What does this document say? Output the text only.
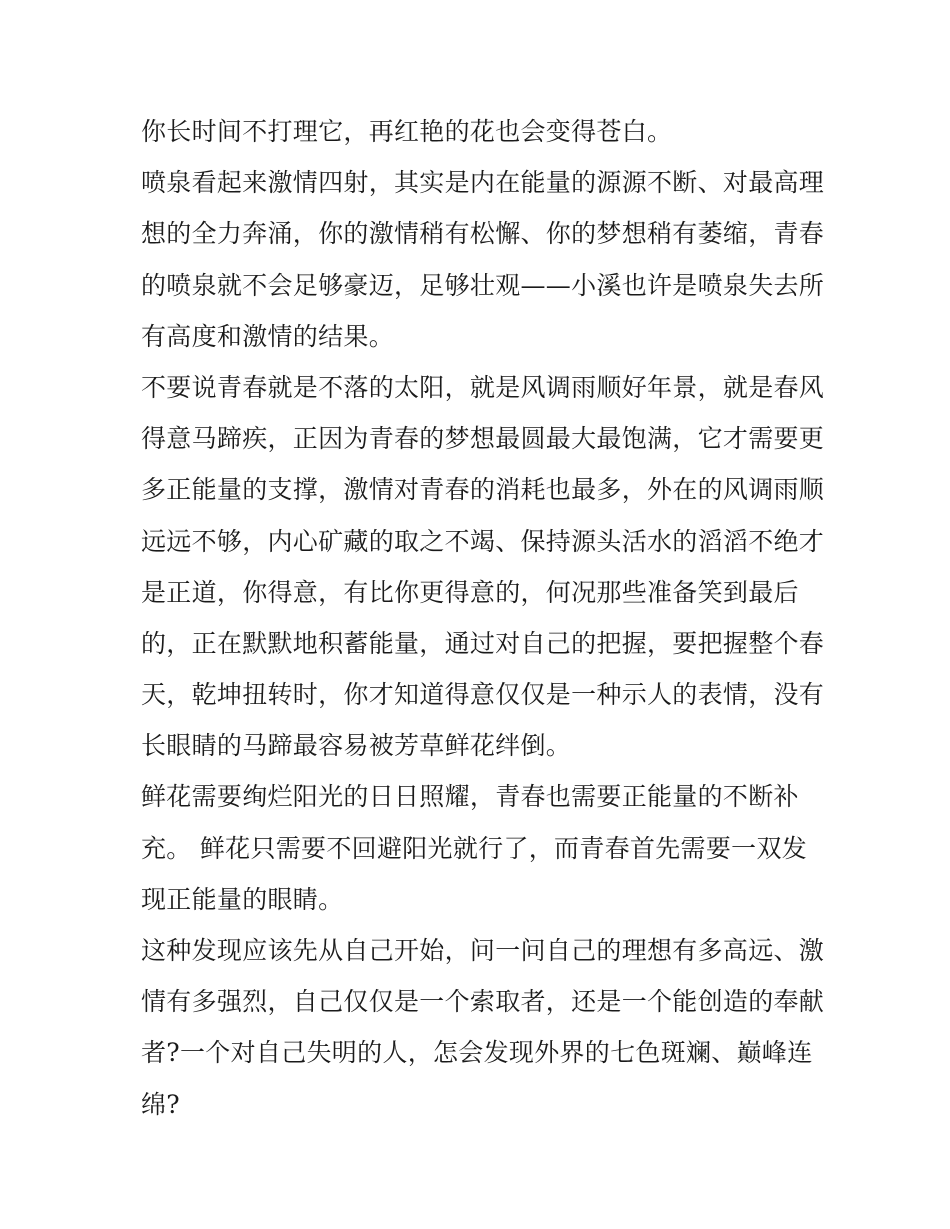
你长时间不打理它，再红艳的花也会变得苍白。
喷泉看起来激情四射，其实是内在能量的源源不断、对最高理
想的全力奔涌，你的激情稍有松懈、你的梦想稍有萎缩，青春
的喷泉就不会足够豪迈，足够壮观——小溪也许是喷泉失去所
有高度和激情的结果。
不要说青春就是不落的太阳，就是风调雨顺好年景，就是春风
得意马蹄疾，正因为青春的梦想最圆最大最饱满，它才需要更
多正能量的支撑，激情对青春的消耗也最多，外在的风调雨顺
远远不够，内心矿藏的取之不竭、保持源头活水的滔滔不绝才
是正道，你得意，有比你更得意的，何况那些准备笑到最后
的，正在默默地积蓄能量，通过对自己的把握，要把握整个春
天，乾坤扭转时，你才知道得意仅仅是一种示人的表情，没有
长眼睛的马蹄最容易被芳草鲜花绊倒。
鲜花需要绚烂阳光的日日照耀，青春也需要正能量的不断补
充。 鲜花只需要不回避阳光就行了，而青春首先需要一双发
现正能量的眼睛。
这种发现应该先从自己开始，问一问自己的理想有多高远、激
情有多强烈，自己仅仅是一个索取者，还是一个能创造的奉献
者?一个对自己失明的人，怎会发现外界的七色斑斓、巅峰连
绵?
